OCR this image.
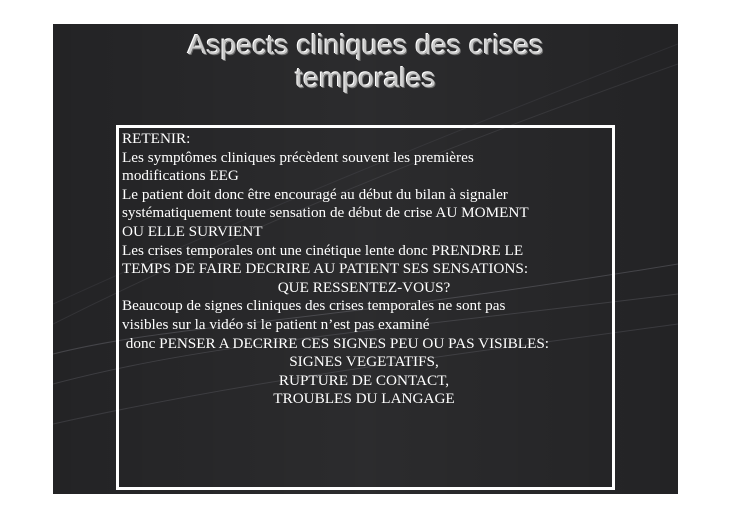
Aspects cliniques des crises
temporales
RETENIR:
Les symptômes cliniques précèdent souvent les premières
modifications EEG
Le patient doit donc être encouragé au début du bilan à signaler
systématiquement toute sensation de début de crise AU MOMENT
OU ELLE SURVIENT
Les crises temporales ont une cinétique lente donc PRENDRE LE
TEMPS DE FAIRE DECRIRE AU PATIENT SES SENSATIONS:
QUE RESSENTEZ-VOUS?
Beaucoup de signes cliniques des crises temporales ne sont pas
visibles sur la vidéo si le patient n’est pas examiné
donc PENSER A DECRIRE CES SIGNES PEU OU PAS VISIBLES:
SIGNES VEGETATIFS,
RUPTURE DE CONTACT,
TROUBLES DU LANGAGE
